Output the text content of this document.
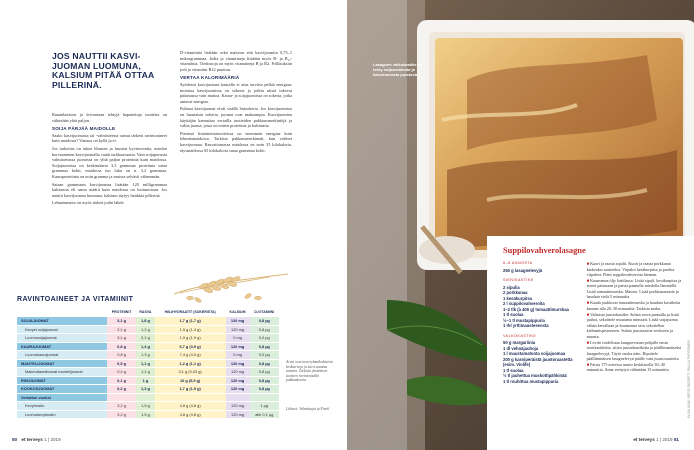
JOS NAUTTII KASVI-JUOMAN LUOMUNA, KALSIUM PITÄÄ OTTAA PILLERINÄ.

Ruuanlaittoon ja leivontaan tehtyjä hapatettuja tuotteita on vähintään yhtä paljon.

SOIJA PÄRJÄÄ MAIDOLLE

Saako kasvijuomasta tai -valmisteesta samat tärkeät ravintoaineet kuin maidosta? Vastaus on kyllä ja ei.

Jos tarkoitus on tukea lihasten ja luuston hyvinvointia, maidon korvaaminen kasvijuomalla vaatii tarkkaavuutta. Vain soijapavusta valmistetussa juomissa on yhtä paljon proteiinia kuin maidossa. Soijajuomissa on keskimäärin 3,3 grammaa proteiinia sataa grammaa kohti, maidossa tuo luku on n. 3,2 grammaa. Kauraproteiinia on noin gramma ja muissa selvästi vähemmän.

Sataan grammaan kasvijuomaa lisätään 120 milligrammaa kalsiumia eli sama määrä kuin maidossa on luonnostaan. Jos nauttii kasvijuomaa luomuna, kalsium täytyy hankkia pillerinä.

Lehmänmaito on myös tärkeä jodin lähde.

D-vitamiinia lisätään sekä maitoon että kasvijuomiin 0,75–1 mikrogrammaa. Jodia ja vitamiineja lisätään myös B- ja B₁₂-vitamiinia. Tiedostoja on myös vitamiineja B ja B2. Polkkuksiin jodi ja vitamiini B12 puuttuu.

VERTAA KALORIMÄÄRIÄ

Syödessä kasvijuomaa kauralla ei aina tarvitse pelätä energiaa: monissa kasvijuomissa on sokeria ja jotkin niistä tukevat pääasiassa vain maitoa. Kaura- ja soijajuomissa on sokeria, jotka antavat energiaa.

Puhtaat kasvijuomat eivät sisällä lisäsokeria. Jos kasvijuomissa on luontaista sokeria, juomat ovat makeampia. Kasvijuomien käyttäjän kannattaa vertailla tuotteiden pakkausmerkintöjä ja valita juoma, jossa on eniten proteiinia ja kalsiumia.

Pienissä lisäaineistatuotteissa on enemmän energiaa kuin lehmänmaidossa. Tarkista pakkausmerkinnät, kun valitset kasvijuomaa. Rasvattomassa maidossa on noin 35 kilokaloria, täysmaidossa 65 kilokaloria sataa grammaa kohti.

RAVINTOAINEET JA VITAMIINIT
	PROTEIINIT	RASVA	HIILIHYDRAATIT (SOKERISTA)	KALSIUM	D-VITAMIINI
SOIJAJUOMAT	3,1 g	1,8 g	1,7 g (1,7 g)	120 mg	0,8 µg
Kevyet soijajuomat	2,1 g	1,2 g	1,5 g (1,4 g)	120 mg	0,8 µg
Luomusoijajuomat	3,1 g	2,1 g	1,9 g (1,9 g)	0 mg	0,0 µg
KAURAJUOMAT	0,8 g	1,4 g	6,7 g (3,9 g)	120 mg	0,8 µg
Luomukaurajuomat	0,8 g	1,3 g	7,4 g (4,5 g)	0 mg	0,0 µg
MANTELIJUOMAT	0,5 g	1,1 g	1,2 g (1,1 g)	120 mg	0,8 µg
Makeuttamattomat mantelijuomat	0,4 g	1,1 g	0,1 g (0,03 g)	120 mg	0,8 µg
RIISIJUOMAT	0,1 g	1 g	10 g (5,9 g)	120 mg	0,8 µg
KOOKOSJUOMAT	0,2 g	1,3 g	1,7 g (1,9 g)	120 mg	0,8 µg
Vertailun vuoksi					
Kevytmaito	3,2 g	1,5 g	4,8 g (4,8 g)	120 mg	1 µg
Luomukevytmaito	3,2 g	1,5 g	4,8 g (4,8 g)	120 mg	alle 0,1 µg
Arvot ovat tuoteryhmäkohtaisia keskiarvoja ja siten suuntaa antavia. Tarkista yksittäisen tuotteen ravintosisältö pakkauksesta.
Lähteet: Valmistajat ja Fineli
50 et terveys 1 | 2019
Lasagnen valkokastike on tehty soijamaidosta ja kasvirasvasta juustosta.
Suppilovahverolasagne
6–8 ANNOSTA
250 g lasagnelevyjä
SIENIKASTIKE
2 sipulia
2 porkkanaa
1 kesäkurpitsa
2 l suppilovahveroita
1–2 tlk (à 400 g) tomaattimurskaa
1 tl suolaa
½–1 tl mustapippuria
1 rkl yrttimausteseosta
VALKOKASTIKE
50 g margariinia
1 dl vehnäjauhoja
1 l maustamatonta soijajuomaa
200 g kasviperäistä juustoraastetta (esim. Violife)
1 tl suolaa
½ tl jauhettua muskottipähkinää
1 tl rouhittua mustapippuria
■Kuori ja raasta sipulit. Kuori ja raasta porkkanat karkeaksi raasteeksi. Viipaloi kesäkurpitsa ja puolita viipaleet. Pieni suppilovahveroita hieman.
■Kuumenna öljy kattilassa. Lisää sipuli, kesäkurpitsa ja sienet paistuaan ja paista pannulla miedolla lämmöllä. Lisää tomaattimurska. Mausta. Lisää porkkanaraaste ja hauduta vielä 5 minuuttia.
■Kaada joukkoon tomaattimurska ja hauduta kastiketta kannen alla 20–30 minuuttia. Tarkista maku.
■Valmista juustokastike: Sulata rasva pannulla ja lisää jauhot, sekoittele muutama minuutti. Lisää soijajuoma vähän kerrallaan ja kuumenna seos sekoitellen kiehumispisteeseen. Sulata juustoraaste seokseen ja mausta.
■Levitä voideltuun lasagnevuoan pohjalle ensin sienikastiketta, sitten juustokastiketta ja päällimmäiseksi lasagnelevyjä. Täytä vuoka näin. Ripottele päällimmäisen lasagnelevyn päälle vain juustoraastetta.
■Paista 175 asteessa uunin keskitasolla 30–40 minuuttia. Anna vetäytyä vähintään 15 minuuttia.	KUVA SAMI REPO RESEPTI PAULA PIIPPONEN
et terveys 1 | 2019 51
